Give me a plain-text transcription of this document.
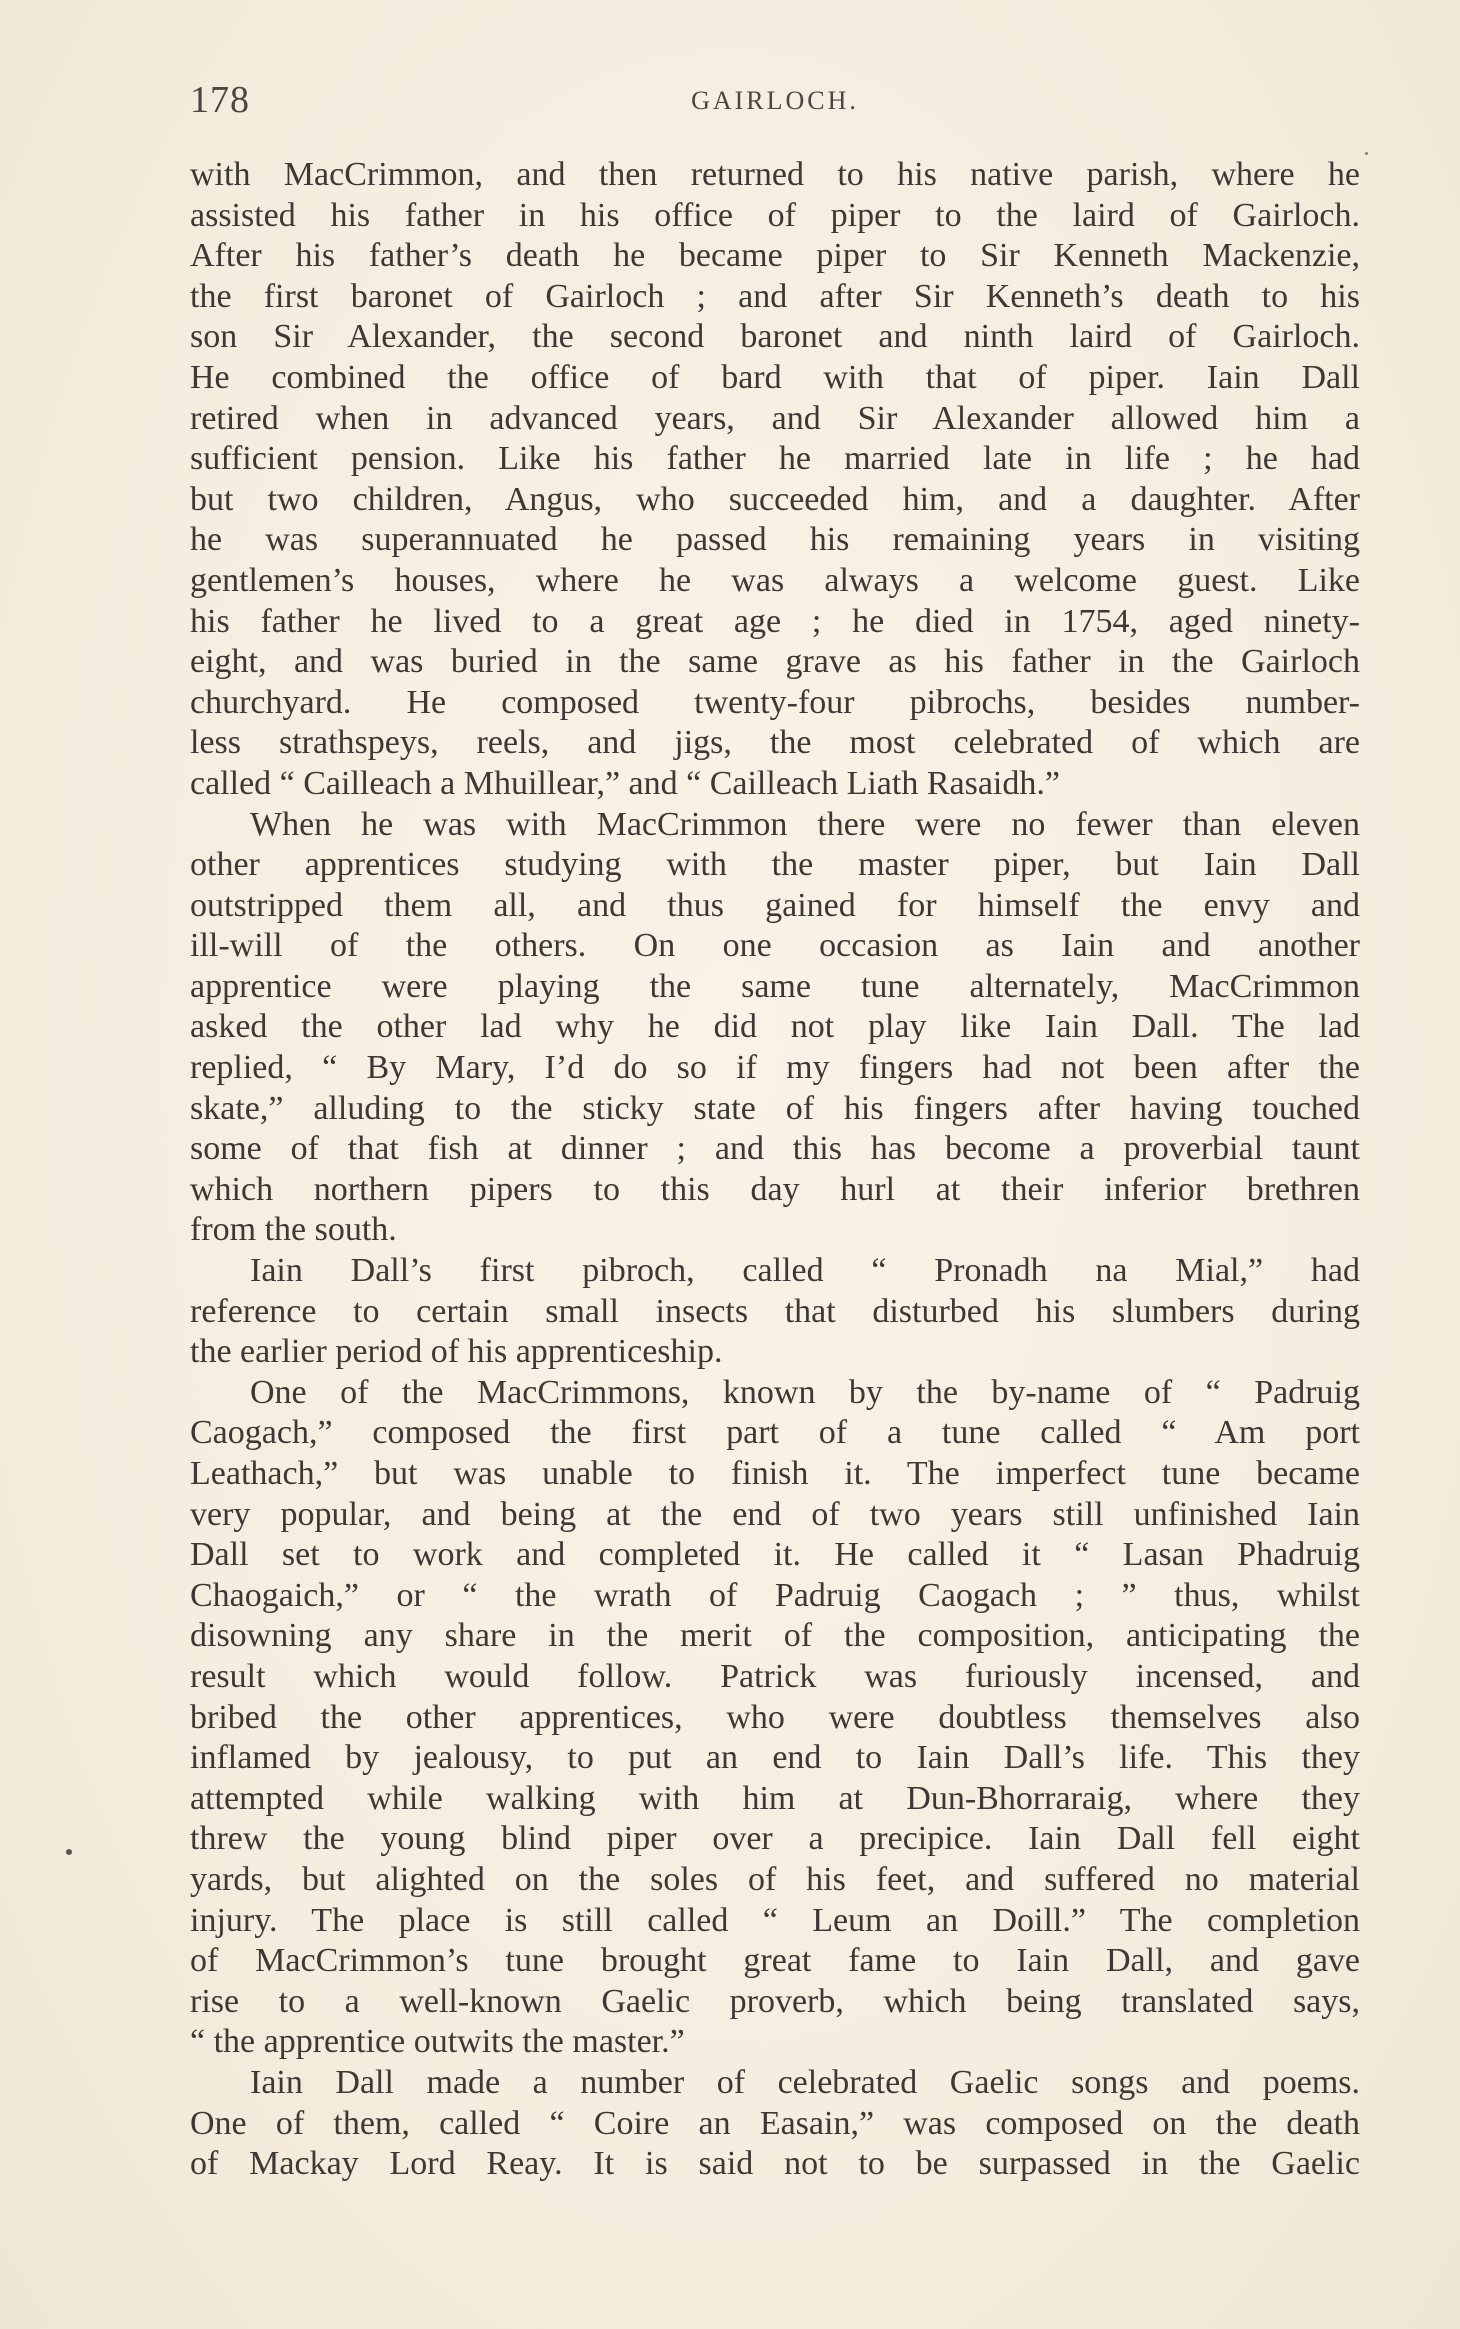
178	GAIRLOCH.
with MacCrimmon, and then returned to his native parish, where he
assisted his father in his office of piper to the laird of Gairloch.
After his father’s death he became piper to Sir Kenneth Mackenzie,
the first baronet of Gairloch ; and after Sir Kenneth’s death to his
son Sir Alexander, the second baronet and ninth laird of Gairloch.
He combined the office of bard with that of piper. Iain Dall
retired when in advanced years, and Sir Alexander allowed him a
sufficient pension. Like his father he married late in life ; he had
but two children, Angus, who succeeded him, and a daughter. After
he was superannuated he passed his remaining years in visiting
gentlemen’s houses, where he was always a welcome guest. Like
his father he lived to a great age ; he died in 1754, aged ninety-
eight, and was buried in the same grave as his father in the Gairloch
churchyard. He composed twenty-four pibrochs, besides number-
less strathspeys, reels, and jigs, the most celebrated of which are
called “ Cailleach a Mhuillear,” and “ Cailleach Liath Rasaidh.”
When he was with MacCrimmon there were no fewer than eleven
other apprentices studying with the master piper, but Iain Dall
outstripped them all, and thus gained for himself the envy and
ill-will of the others. On one occasion as Iain and another
apprentice were playing the same tune alternately, MacCrimmon
asked the other lad why he did not play like Iain Dall. The lad
replied, “ By Mary, I’d do so if my fingers had not been after the
skate,” alluding to the sticky state of his fingers after having touched
some of that fish at dinner ; and this has become a proverbial taunt
which northern pipers to this day hurl at their inferior brethren
from the south.
Iain Dall’s first pibroch, called “ Pronadh na Mial,” had
reference to certain small insects that disturbed his slumbers during
the earlier period of his apprenticeship.
One of the MacCrimmons, known by the by-name of “ Padruig
Caogach,” composed the first part of a tune called “ Am port
Leathach,” but was unable to finish it. The imperfect tune became
very popular, and being at the end of two years still unfinished Iain
Dall set to work and completed it. He called it “ Lasan Phadruig
Chaogaich,” or “ the wrath of Padruig Caogach ; ” thus, whilst
disowning any share in the merit of the composition, anticipating the
result which would follow. Patrick was furiously incensed, and
bribed the other apprentices, who were doubtless themselves also
inflamed by jealousy, to put an end to Iain Dall’s life. This they
attempted while walking with him at Dun-Bhorraraig, where they
threw the young blind piper over a precipice. Iain Dall fell eight
yards, but alighted on the soles of his feet, and suffered no material
injury. The place is still called “ Leum an Doill.” The completion
of MacCrimmon’s tune brought great fame to Iain Dall, and gave
rise to a well-known Gaelic proverb, which being translated says,
“ the apprentice outwits the master.”
Iain Dall made a number of celebrated Gaelic songs and poems.
One of them, called “ Coire an Easain,” was composed on the death
of Mackay Lord Reay. It is said not to be surpassed in the Gaelic
